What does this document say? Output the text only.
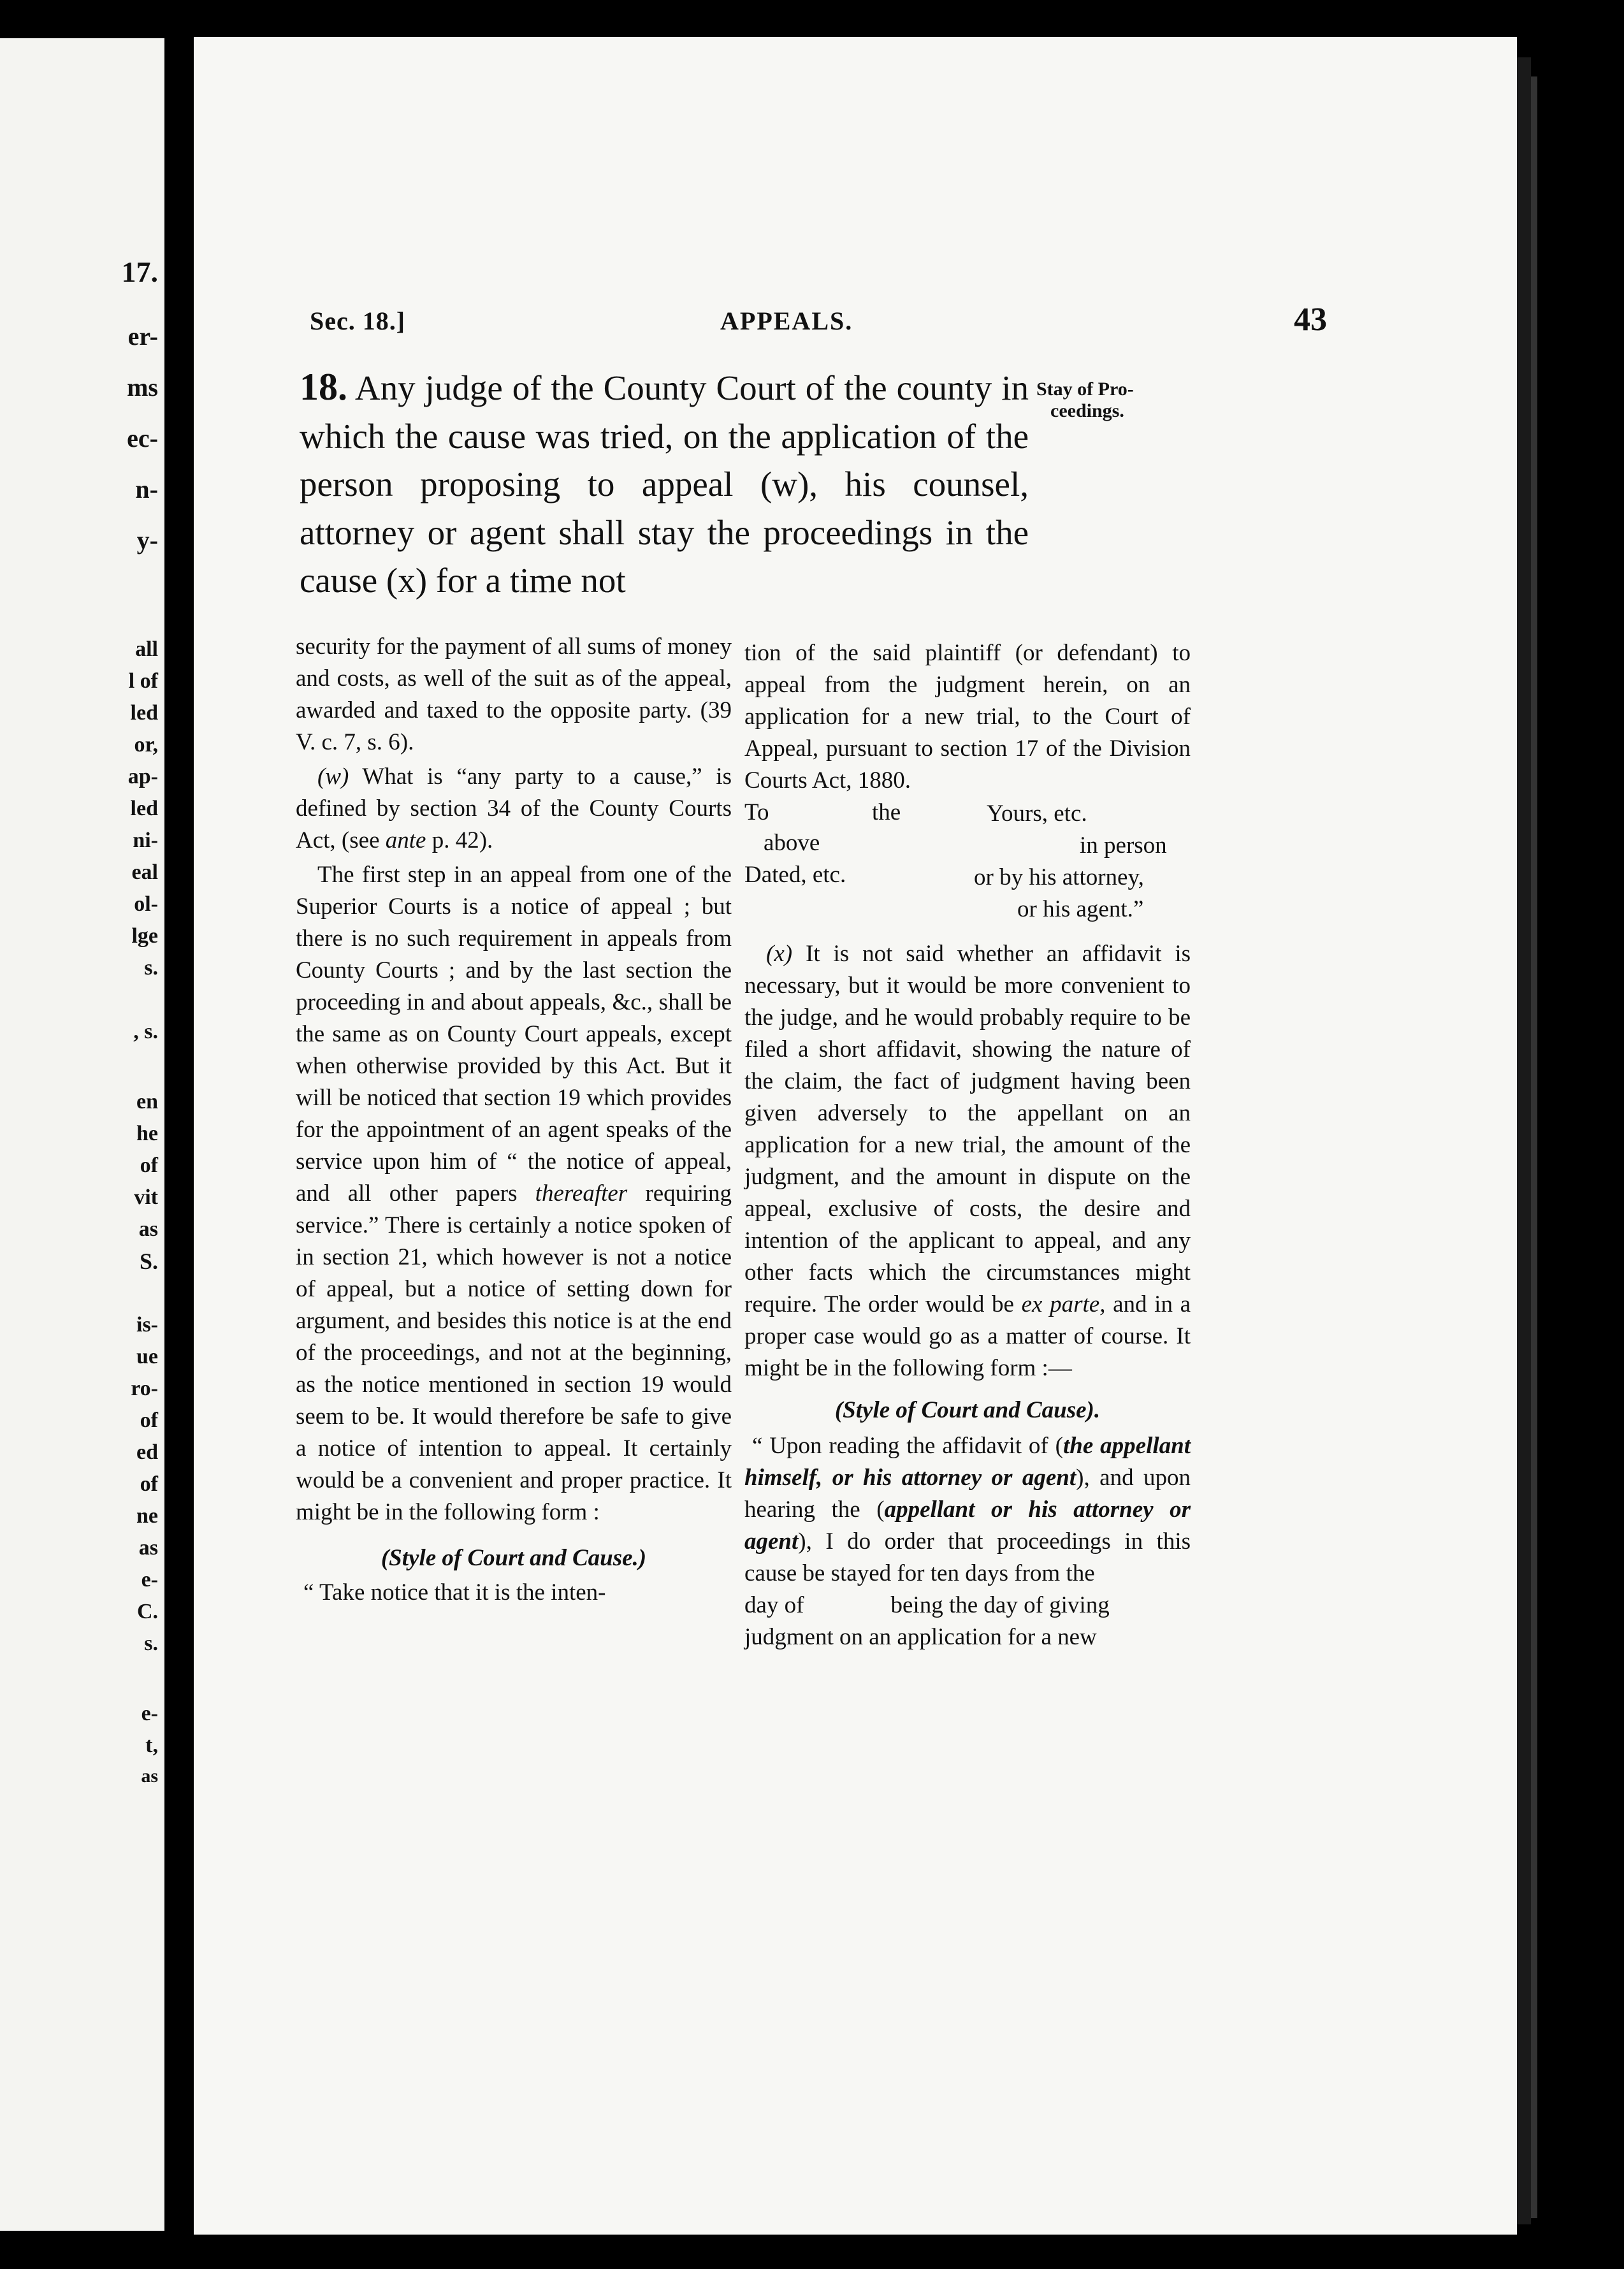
17.
er-
ms
ec-
n-
y-
all
l of
led
or,
ap-
led
ni-
eal
ol-
lge
s.
, s.
en
he
of
vit
as
S.
is-
ue
ro-
of
ed
of
ne
as
e-
C.
s.
e-
t,
as
Sec. 18.]	APPEALS.	43
18. Any judge of the County Court of the county in which the cause was tried, on the application of the person proposing to appeal (w), his counsel, attorney or agent shall stay the proceedings in the cause (x) for a time not
Stay of Pro-
ceedings.

security for the payment of all sums of money and costs, as well of the suit as of the appeal, awarded and taxed to the opposite party. (39 V. c. 7, s. 6).

(w) What is “any party to a cause,” is defined by section 34 of the County Courts Act, (see ante p. 42).

The first step in an appeal from one of the Superior Courts is a notice of appeal ; but there is no such requirement in appeals from County Courts ; and by the last section the proceeding in and about appeals, &c., shall be the same as on County Court appeals, except when otherwise provided by this Act. But it will be noticed that section 19 which provides for the appointment of an agent speaks of the service upon him of “ the notice of appeal, and all other papers thereafter requiring service.” There is certainly a notice spoken of in section 21, which however is not a notice of appeal, but a notice of setting down for argument, and besides this notice is at the end of the proceedings, and not at the beginning, as the notice mentioned in section 19 would seem to be. It would therefore be safe to give a notice of intention to appeal. It certainly would be a convenient and proper practice. It might be in the following form :

(Style of Court and Cause.)

“ Take notice that it is the inten-

tion of the said plaintiff (or defendant) to appeal from the judgment herein, on an application for a new trial, to the Court of Appeal, pursuant to section 17 of the Division Courts Act, 1880.

To	the
above
Dated, etc.
Yours, etc.
in person
or by his attorney,
or his agent.”

(x) It is not said whether an affidavit is necessary, but it would be more convenient to the judge, and he would probably require to be filed a short affidavit, showing the nature of the claim, the fact of judgment having been given adversely to the appellant on an application for a new trial, the amount of the judgment, and the amount in dispute on the appeal, exclusive of costs, the desire and intention of the applicant to appeal, and any other facts which the circumstances might require. The order would be ex parte, and in a proper case would go as a matter of course. It might be in the following form :—

(Style of Court and Cause).

“ Upon reading the affidavit of (the appellant himself, or his attorney or agent), and upon hearing the (appellant or his attorney or agent), I do order that proceedings in this cause be stayed for ten days from the

day of	being the day of giving judgment on an application for a new
